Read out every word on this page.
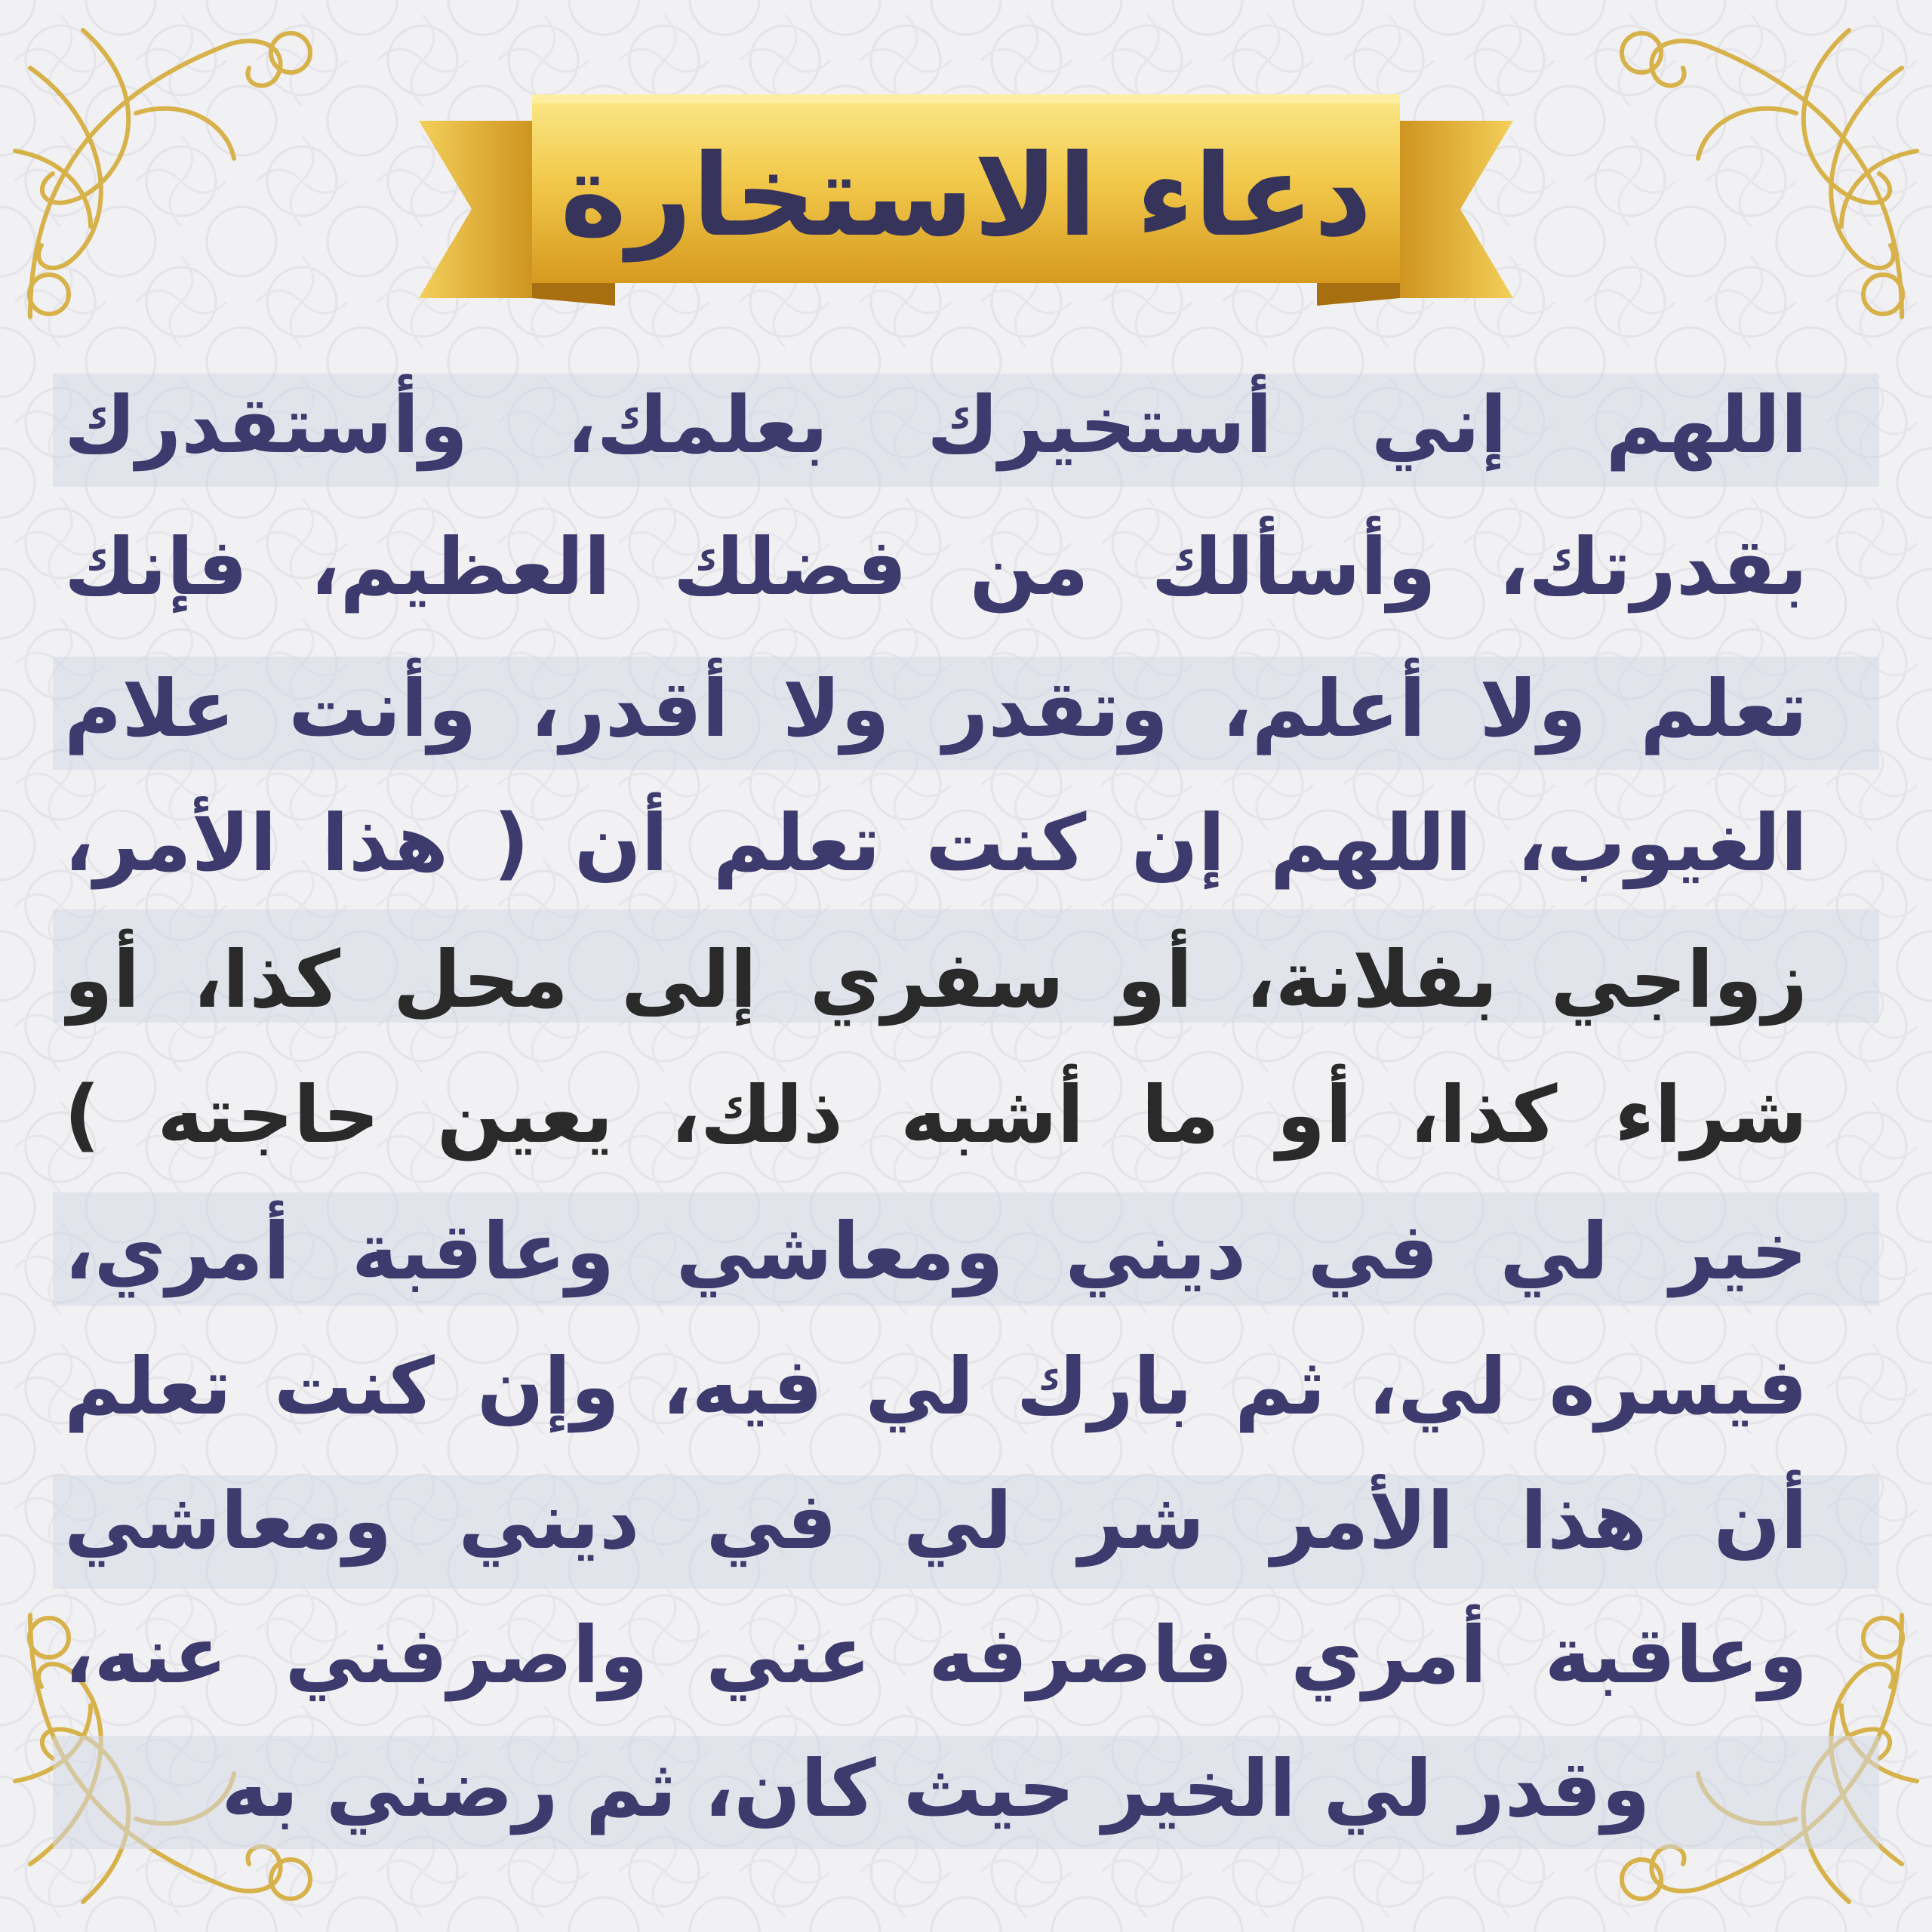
دعاء الاستخارة
اللهم إني أستخيرك بعلمك، وأستقدرك
بقدرتك، وأسألك من فضلك العظيم، فإنك
تعلم ولا أعلم، وتقدر ولا أقدر، وأنت علام
الغيوب، اللهم إن كنت تعلم أن ( هذا الأمر،
زواجي بفلانة، أو سفري إلى محل كذا، أو
شراء كذا، أو ما أشبه ذلك، يعين حاجته )
خير لي في ديني ومعاشي وعاقبة أمري،
فيسره لي، ثم بارك لي فيه، وإن كنت تعلم
أن هذا الأمر شر لي في ديني ومعاشي
وعاقبة أمري فاصرفه عني واصرفني عنه،
وقدر لي الخير حيث كان، ثم رضني به
